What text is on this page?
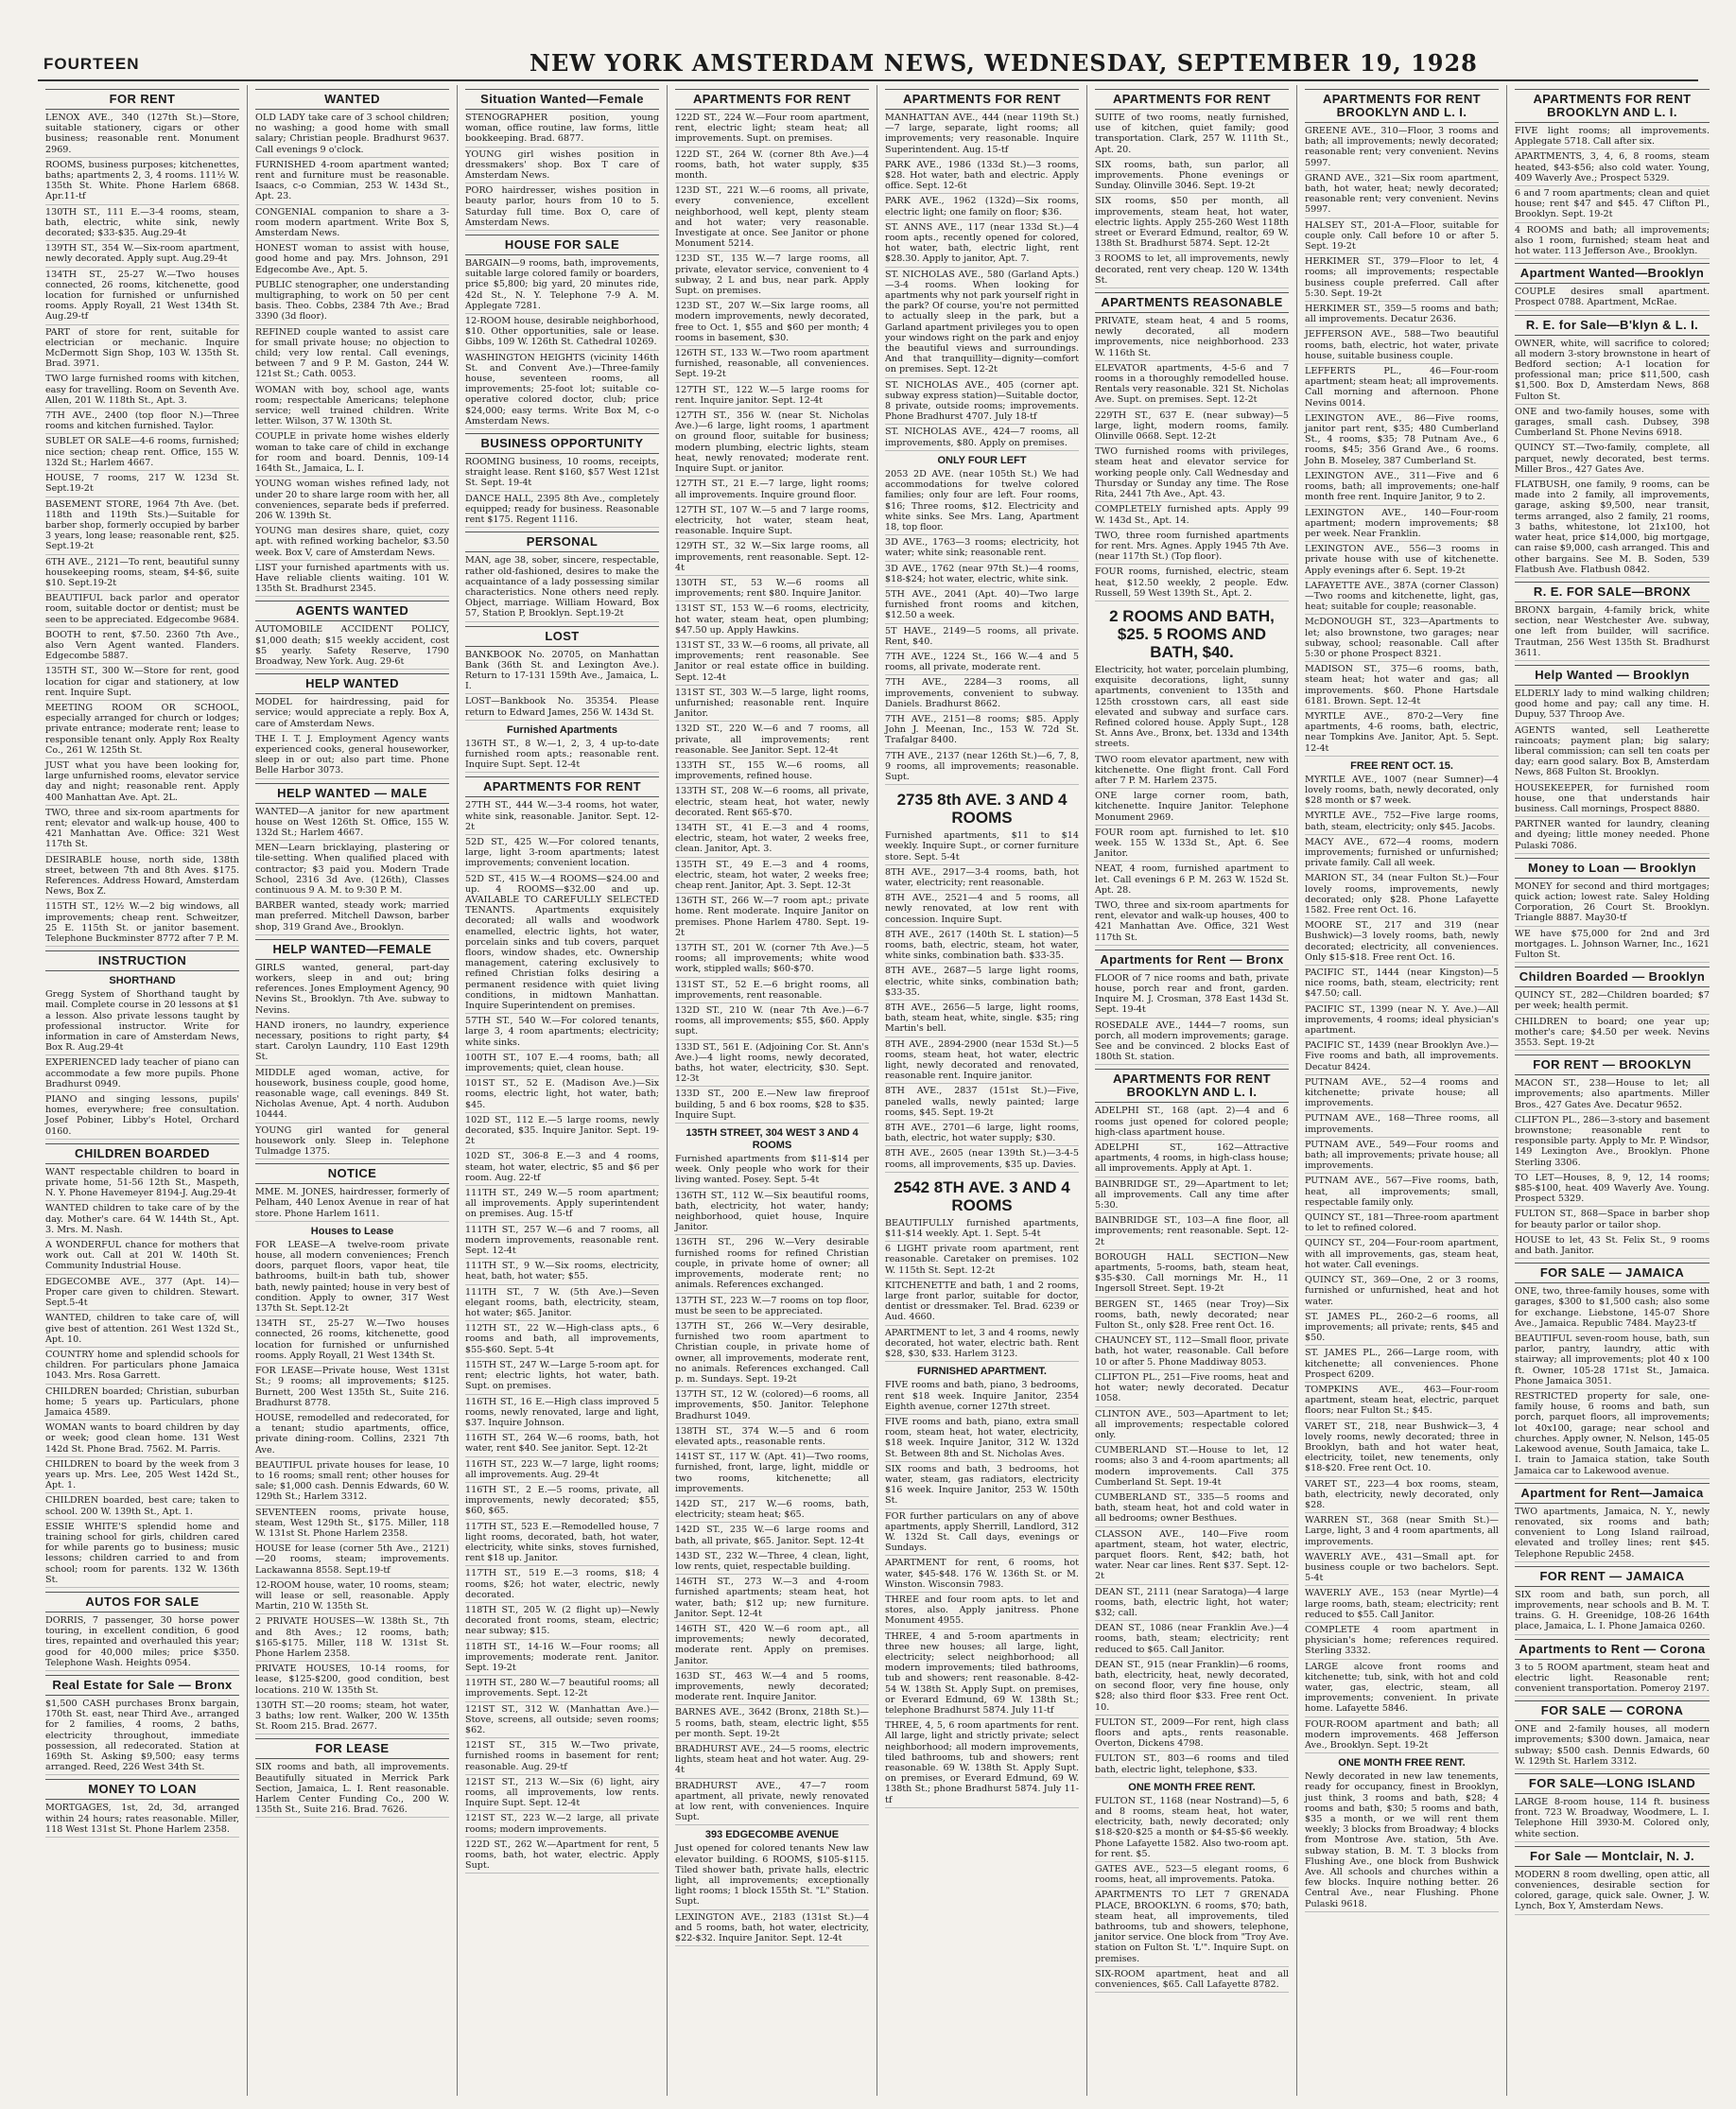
FOURTEEN	NEW YORK AMSTERDAM NEWS, WEDNESDAY, SEPTEMBER 19, 1928
FOR RENT
LENOX AVE., 340 (127th St.)—Store, suitable stationery, cigars or other business; reasonable rent. Monument 2969.
ROOMS, business purposes; kitchenettes, baths; apartments 2, 3, 4 rooms. 111½ W. 135th St. White. Phone Harlem 6868. Apr.11-tf
130TH ST., 111 E.—3-4 rooms, steam, bath, electric, white sink, newly decorated; $33-$35. Aug.29-4t
139TH ST., 354 W.—Six-room apartment, newly decorated. Apply supt. Aug.29-4t
134TH ST., 25-27 W.—Two houses connected, 26 rooms, kitchenette, good location for furnished or unfurnished rooms. Apply Royall, 21 West 134th St. Aug.29-tf
PART of store for rent, suitable for electrician or mechanic. Inquire McDermott Sign Shop, 103 W. 135th St. Brad. 3971.
TWO large furnished rooms with kitchen, easy for travelling. Room on Seventh Ave. Allen, 201 W. 118th St., Apt. 3.
7TH AVE., 2400 (top floor N.)—Three rooms and kitchen furnished. Taylor.
SUBLET OR SALE—4-6 rooms, furnished; nice section; cheap rent. Office, 155 W. 132d St.; Harlem 4667.
HOUSE, 7 rooms, 217 W. 123d St. Sept.19-2t
BASEMENT STORE, 1964 7th Ave. (bet. 118th and 119th Sts.)—Suitable for barber shop, formerly occupied by barber 3 years, long lease; reasonable rent, $25. Sept.19-2t
6TH AVE., 2121—To rent, beautiful sunny housekeeping rooms, steam, $4-$6, suite $10. Sept.19-2t
BEAUTIFUL back parlor and operator room, suitable doctor or dentist; must be seen to be appreciated. Edgecombe 9684.
BOOTH to rent, $7.50. 2360 7th Ave., also Vern Agent wanted. Flanders. Edgecombe 5887.
135TH ST., 300 W.—Store for rent, good location for cigar and stationery, at low rent. Inquire Supt.
MEETING ROOM OR SCHOOL, especially arranged for church or lodges; private entrance; moderate rent; lease to responsible tenant only. Apply Rox Realty Co., 261 W. 125th St.
JUST what you have been looking for, large unfurnished rooms, elevator service day and night; reasonable rent. Apply 400 Manhattan Ave. Apt. 2L.
TWO, three and six-room apartments for rent; elevator and walk-up house, 400 to 421 Manhattan Ave. Office: 321 West 117th St.
DESIRABLE house, north side, 138th street, between 7th and 8th Aves. $175. References. Address Howard, Amsterdam News, Box Z.
115TH ST., 12½ W.—2 big windows, all improvements; cheap rent. Schweitzer, 25 E. 115th St. or janitor basement. Telephone Buckminster 8772 after 7 P. M.
INSTRUCTION
SHORTHAND
Gregg System of Shorthand taught by mail. Complete course in 20 lessons at $1 a lesson. Also private lessons taught by professional instructor. Write for information in care of Amsterdam News, Box R. Aug.29-4t
EXPERIENCED lady teacher of piano can accommodate a few more pupils. Phone Bradhurst 0949.
PIANO and singing lessons, pupils' homes, everywhere; free consultation. Josef Pobiner, Libby's Hotel, Orchard 0160.
CHILDREN BOARDED
WANT respectable children to board in private home, 51-56 12th St., Maspeth, N. Y. Phone Havemeyer 8194-J. Aug.29-4t
WANTED children to take care of by the day. Mother's care. 64 W. 144th St., Apt. 3. Mrs. M. Nash.
A WONDERFUL chance for mothers that work out. Call at 201 W. 140th St. Community Industrial House.
EDGECOMBE AVE., 377 (Apt. 14)—Proper care given to children. Stewart. Sept.5-4t
WANTED, children to take care of, will give best of attention. 261 West 132d St., Apt. 10.
COUNTRY home and splendid schools for children. For particulars phone Jamaica 1043. Mrs. Rosa Garrett.
CHILDREN boarded; Christian, suburban home; 5 years up. Particulars, phone Jamaica 4589.
WOMAN wants to board children by day or week; good clean home. 131 West 142d St. Phone Brad. 7562. M. Parris.
CHILDREN to board by the week from 3 years up. Mrs. Lee, 205 West 142d St., Apt. 1.
CHILDREN boarded, best care; taken to school. 200 W. 139th St., Apt. 1.
ESSIE WHITE'S splendid home and training school for girls, children cared for while parents go to business; music lessons; children carried to and from school; room for parents. 132 W. 136th St.
AUTOS FOR SALE
DORRIS, 7 passenger, 30 horse power touring, in excellent condition, 6 good tires, repainted and overhauled this year; good for 40,000 miles; price $350. Telephone Wash. Heights 0954.
Real Estate for Sale — Bronx
$1,500 CASH purchases Bronx bargain, 170th St. east, near Third Ave., arranged for 2 families, 4 rooms, 2 baths, electricity throughout, immediate possession, all redecorated. Station at 169th St. Asking $9,500; easy terms arranged. Reed, 226 West 34th St.
MONEY TO LOAN
MORTGAGES, 1st, 2d, 3d, arranged within 24 hours; rates reasonable. Miller, 118 West 131st St. Phone Harlem 2358.
WANTED
OLD LADY take care of 3 school children; no washing; a good home with small salary; Christian people. Bradhurst 9637. Call evenings 9 o'clock.
FURNISHED 4-room apartment wanted; rent and furniture must be reasonable. Isaacs, c-o Commian, 253 W. 143d St., Apt. 23.
CONGENIAL companion to share a 3-room modern apartment. Write Box S, Amsterdam News.
HONEST woman to assist with house, good home and pay. Mrs. Johnson, 291 Edgecombe Ave., Apt. 5.
PUBLIC stenographer, one understanding multigraphing, to work on 50 per cent basis. Theo. Cobbs, 2384 7th Ave.; Brad 3390 (3d floor).
REFINED couple wanted to assist care for small private house; no objection to child; very low rental. Call evenings, between 7 and 9 P. M. Gaston, 244 W. 121st St.; Cath. 0053.
WOMAN with boy, school age, wants room; respectable Americans; telephone service; well trained children. Write letter. Wilson, 37 W. 130th St.
COUPLE in private home wishes elderly woman to take care of child in exchange for room and board. Dennis, 109-14 164th St., Jamaica, L. I.
YOUNG woman wishes refined lady, not under 20 to share large room with her, all conveniences, separate beds if preferred. 206 W. 139th St.
YOUNG man desires share, quiet, cozy apt. with refined working bachelor, $3.50 week. Box V, care of Amsterdam News.
LIST your furnished apartments with us. Have reliable clients waiting. 101 W. 135th St. Bradhurst 2345.
AGENTS WANTED
AUTOMOBILE ACCIDENT POLICY, $1,000 death; $15 weekly accident, cost $5 yearly. Safety Reserve, 1790 Broadway, New York. Aug. 29-6t
HELP WANTED
MODEL for hairdressing, paid for service; would appreciate a reply. Box A, care of Amsterdam News.
THE I. T. J. Employment Agency wants experienced cooks, general houseworker, sleep in or out; also part time. Phone Belle Harbor 3073.
HELP WANTED — MALE
WANTED—A janitor for new apartment house on West 126th St. Office, 155 W. 132d St.; Harlem 4667.
MEN—Learn bricklaying, plastering or tile-setting. When qualified placed with contractor; $3 paid you. Modern Trade School, 2316 3d Ave. (126th), Classes continuous 9 A. M. to 9:30 P. M.
BARBER wanted, steady work; married man preferred. Mitchell Dawson, barber shop, 319 Grand Ave., Brooklyn.
HELP WANTED—FEMALE
GIRLS wanted, general, part-day workers, sleep in and out; bring references. Jones Employment Agency, 90 Nevins St., Brooklyn. 7th Ave. subway to Nevins.
HAND ironers, no laundry, experience necessary, positions to right party, $4 start. Carolyn Laundry, 110 East 129th St.
MIDDLE aged woman, active, for housework, business couple, good home, reasonable wage, call evenings. 849 St. Nicholas Avenue, Apt. 4 north. Audubon 10444.
YOUNG girl wanted for general housework only. Sleep in. Telephone Tulmadge 1375.
NOTICE
MME. M. JONES, hairdresser, formerly of Pelham, 440 Lenox Avenue in rear of hat store. Phone Harlem 1611.
Houses to Lease
FOR LEASE—A twelve-room private house, all modern conveniences; French doors, parquet floors, vapor heat, tile bathrooms, built-in bath tub, shower bath, newly painted; house in very best of condition. Apply to owner, 317 West 137th St. Sept.12-2t
134TH ST., 25-27 W.—Two houses connected, 26 rooms, kitchenette, good location for furnished or unfurnished rooms. Apply Royall, 21 West 134th St.
FOR LEASE—Private house, West 131st St.; 9 rooms; all improvements; $125. Burnett, 200 West 135th St., Suite 216. Bradhurst 8778.
HOUSE, remodelled and redecorated, for a tenant; studio apartments, office, private dining-room. Collins, 2321 7th Ave.
BEAUTIFUL private houses for lease, 10 to 16 rooms; small rent; other houses for sale; $1,000 cash. Dennis Edwards, 60 W. 129th St.; Harlem 3312.
SEVENTEEN rooms, private house, steam, West 129th St., $175. Miller, 118 W. 131st St. Phone Harlem 2358.
HOUSE for lease (corner 5th Ave., 2121)—20 rooms, steam; improvements. Lackawanna 8558. Sept.19-tf
12-ROOM house, water, 10 rooms, steam; will lease or sell, reasonable. Apply Martin, 210 W. 135th St.
2 PRIVATE HOUSES—W. 138th St., 7th and 8th Aves.; 12 rooms, bath; $165-$175. Miller, 118 W. 131st St. Phone Harlem 2358.
PRIVATE HOUSES, 10-14 rooms, for lease, $125-$200, good condition, best locations. 210 W. 135th St.
130TH ST.—20 rooms; steam, hot water, 3 baths; low rent. Walker, 200 W. 135th St. Room 215. Brad. 2677.
FOR LEASE
SIX rooms and bath, all improvements. Beautifully situated in Merrick Park Section, Jamaica, L. I. Rent reasonable. Harlem Center Funding Co., 200 W. 135th St., Suite 216. Brad. 7626.
Situation Wanted—Female
STENOGRAPHER position, young woman, office routine, law forms, little bookkeeping. Brad. 6877.
YOUNG girl wishes position in dressmakers' shop. Box T care of Amsterdam News.
PORO hairdresser, wishes position in beauty parlor, hours from 10 to 5. Saturday full time. Box O, care of Amsterdam News.
HOUSE FOR SALE
BARGAIN—9 rooms, bath, improvements, suitable large colored family or boarders, price $5,800; big yard, 20 minutes ride, 42d St., N. Y. Telephone 7-9 A. M. Applegate 7281.
12-ROOM house, desirable neighborhood, $10. Other opportunities, sale or lease. Gibbs, 109 W. 126th St. Cathedral 10269.
WASHINGTON HEIGHTS (vicinity 146th St. and Convent Ave.)—Three-family house, seventeen rooms, all improvements; 25-foot lot; suitable co-operative colored doctor, club; price $24,000; easy terms. Write Box M, c-o Amsterdam News.
BUSINESS OPPORTUNITY
ROOMING business, 10 rooms, receipts, straight lease. Rent $160, $57 West 121st St. Sept. 19-4t
DANCE HALL, 2395 8th Ave., completely equipped; ready for business. Reasonable rent $175. Regent 1116.
PERSONAL
MAN, age 38, sober, sincere, respectable, rather old-fashioned, desires to make the acquaintance of a lady possessing similar characteristics. None others need reply. Object, marriage. William Howard, Box 57, Station P, Brooklyn. Sept.19-2t
LOST
BANKBOOK No. 20705, on Manhattan Bank (36th St. and Lexington Ave.). Return to 17-131 159th Ave., Jamaica, L. I.
LOST—Bankbook No. 35354. Please return to Edward James, 256 W. 143d St.
Furnished Apartments
136TH ST., 8 W.—1, 2, 3, 4 up-to-date furnished room apts.; reasonable rent. Inquire Supt. Sept. 12-4t
APARTMENTS FOR RENT
27TH ST., 444 W.—3-4 rooms, hot water, white sink, reasonable. Janitor. Sept. 12-2t
52D ST., 425 W.—For colored tenants, large, light 3-room apartments; latest improvements; convenient location.
52D ST., 415 W.—4 ROOMS—$24.00 and up. 4 ROOMS—$32.00 and up. AVAILABLE TO CAREFULLY SELECTED TENANTS. Apartments exquisitely decorated; all walls and woodwork enamelled, electric lights, hot water, porcelain sinks and tub covers, parquet floors, window shades, etc. Ownership management, catering exclusively to refined Christian folks desiring a permanent residence with quiet living conditions, in midtown Manhattan. Inquire Superintendent on premises.
57TH ST., 540 W.—For colored tenants, large 3, 4 room apartments; electricity; white sinks.
100TH ST., 107 E.—4 rooms, bath; all improvements; quiet, clean house.
101ST ST., 52 E. (Madison Ave.)—Six rooms, electric light, hot water, bath; $45.
102D ST., 112 E.—5 large rooms, newly decorated, $35. Inquire Janitor. Sept. 19-2t
102D ST., 306-8 E.—3 and 4 rooms, steam, hot water, electric, $5 and $6 per room. Aug. 22-tf
111TH ST., 249 W.—5 room apartment; all improvements. Apply superintendent on premises. Aug. 15-tf
111TH ST., 257 W.—6 and 7 rooms, all modern improvements, reasonable rent. Sept. 12-4t
111TH ST., 9 W.—Six rooms, electricity, heat, bath, hot water; $55.
111TH ST., 7 W. (5th Ave.)—Seven elegant rooms, bath, electricity, steam, hot water; $65. Janitor.
112TH ST., 22 W.—High-class apts., 6 rooms and bath, all improvements, $55-$60. Sept. 5-4t
115TH ST., 247 W.—Large 5-room apt. for rent; electric lights, hot water, bath. Supt. on premises.
116TH ST., 16 E.—High class improved 5 rooms, newly renovated, large and light, $37. Inquire Johnson.
116TH ST., 264 W.—6 rooms, bath, hot water, rent $40. See janitor. Sept. 12-2t
116TH ST., 223 W.—7 large, light rooms; all improvements. Aug. 29-4t
116TH ST., 2 E.—5 rooms, private, all improvements, newly decorated; $55, $60, $65.
117TH ST., 523 E.—Remodelled house, 7 light rooms, decorated, bath, hot water, electricity, white sinks, stoves furnished, rent $18 up. Janitor.
117TH ST., 519 E.—3 rooms, $18; 4 rooms, $26; hot water, electric, newly decorated.
118TH ST., 205 W. (2 flight up)—Newly decorated front rooms, steam, electric; near subway; $15.
118TH ST., 14-16 W.—Four rooms; all improvements; moderate rent. Janitor. Sept. 19-2t
119TH ST., 280 W.—7 beautiful rooms; all improvements. Sept. 12-2t
121ST ST., 312 W. (Manhattan Ave.)—Stove, screens, all outside; seven rooms; $62.
121ST ST., 315 W.—Two private, furnished rooms in basement for rent; reasonable. Aug. 29-tf
121ST ST., 213 W.—Six (6) light, airy rooms, all improvements, low rents. Inquire Supt. Sept. 12-4t
121ST ST., 223 W.—2 large, all private rooms; modern improvements.
122D ST., 262 W.—Apartment for rent, 5 rooms, bath, hot water, electric. Apply Supt.
APARTMENTS FOR RENT
122D ST., 224 W.—Four room apartment, rent, electric light; steam heat; all improvements. Supt. on premises.
122D ST., 264 W. (corner 8th Ave.)—4 rooms, bath, hot water supply, $35 month.
123D ST., 221 W.—6 rooms, all private, every convenience, excellent neighborhood, well kept, plenty steam and hot water; very reasonable. Investigate at once. See Janitor or phone Monument 5214.
123D ST., 135 W.—7 large rooms, all private, elevator service, convenient to 4 subway, 2 L and bus, near park. Apply Supt. on premises.
123D ST., 207 W.—Six large rooms, all modern improvements, newly decorated, free to Oct. 1, $55 and $60 per month; 4 rooms in basement, $30.
126TH ST., 133 W.—Two room apartment furnished, reasonable, all conveniences. Sept. 19-2t
127TH ST., 122 W.—5 large rooms for rent. Inquire janitor. Sept. 12-4t
127TH ST., 356 W. (near St. Nicholas Ave.)—6 large, light rooms, 1 apartment on ground floor, suitable for business; modern plumbing, electric lights, steam heat, newly renovated; moderate rent. Inquire Supt. or janitor.
127TH ST., 21 E.—7 large, light rooms; all improvements. Inquire ground floor.
127TH ST., 107 W.—5 and 7 large rooms, electricity, hot water, steam heat, reasonable. Inquire Supt.
129TH ST., 32 W.—Six large rooms, all improvements, rent reasonable. Sept. 12-4t
130TH ST., 53 W.—6 rooms all improvements; rent $80. Inquire Janitor.
131ST ST., 153 W.—6 rooms, electricity, hot water, steam heat, open plumbing; $47.50 up. Apply Hawkins.
131ST ST., 33 W.—6 rooms, all private, all improvements; rent reasonable. See Janitor or real estate office in building. Sept. 12-4t
131ST ST., 303 W.—5 large, light rooms, unfurnished; reasonable rent. Inquire Janitor.
132D ST., 220 W.—6 and 7 rooms, all private, all improvements; rent reasonable. See Janitor. Sept. 12-4t
133TH ST., 155 W.—6 rooms, all improvements, refined house.
133TH ST., 208 W.—6 rooms, all private, electric, steam heat, hot water, newly decorated. Rent $65-$70.
134TH ST., 41 E.—3 and 4 rooms, electric, steam, hot water, 2 weeks free, clean. Janitor, Apt. 3.
135TH ST., 49 E.—3 and 4 rooms, electric, steam, hot water, 2 weeks free; cheap rent. Janitor, Apt. 3. Sept. 12-3t
136TH ST., 266 W.—7 room apt.; private home. Rent moderate. Inquire Janitor on premises. Phone Harlem 4780. Sept. 19-2t
137TH ST., 201 W. (corner 7th Ave.)—5 rooms; all improvements; white wood work, stippled walls; $60-$70.
131ST ST., 52 E.—6 bright rooms, all improvements, rent reasonable.
132D ST., 210 W. (near 7th Ave.)—6-7 rooms, all improvements; $55, $60. Apply supt.
133D ST., 561 E. (Adjoining Cor. St. Ann's Ave.)—4 light rooms, newly decorated, baths, hot water, electricity, $30. Sept. 12-3t
133D ST., 200 E.—New law fireproof building, 5 and 6 box rooms, $28 to $35. Inquire Supt.
135TH STREET, 304 WEST 3 AND 4 ROOMS
Furnished apartments from $11-$14 per week. Only people who work for their living wanted. Posey. Sept. 5-4t
136TH ST., 112 W.—Six beautiful rooms, bath, electricity, hot water, handy; neighborhood, quiet house, Inquire Janitor.
136TH ST., 296 W.—Very desirable furnished rooms for refined Christian couple, in private home of owner; all improvements, moderate rent; no animals. References exchanged.
137TH ST., 223 W.—7 rooms on top floor, must be seen to be appreciated.
137TH ST., 266 W.—Very desirable, furnished two room apartment to Christian couple, in private home of owner, all improvements, moderate rent, no animals. References exchanged. Call p. m. Sundays. Sept. 19-2t
137TH ST., 12 W. (colored)—6 rooms, all improvements, $50. Janitor. Telephone Bradhurst 1049.
138TH ST., 374 W.—5 and 6 room elevated apts., reasonable rents.
141ST ST., 117 W. (Apt. 41)—Two rooms, furnished, front, large, light, middle or two rooms, kitchenette; all improvements.
142D ST., 217 W.—6 rooms, bath, electricity; steam heat; $65.
142D ST., 235 W.—6 large rooms and bath, all private, $65. Janitor. Sept. 12-4t
143D ST., 232 W.—Three, 4 clean, light, low rents, quiet, respectable building.
146TH ST., 273 W.—3 and 4-room furnished apartments; steam heat, hot water, bath; $12 up; new furniture. Janitor. Sept. 12-4t
146TH ST., 420 W.—6 room apt., all improvements; newly decorated, moderate rent. Apply on premises. Janitor.
163D ST., 463 W.—4 and 5 rooms, improvements, newly decorated; moderate rent. Inquire Janitor.
BARNES AVE., 3642 (Bronx, 218th St.)—5 rooms, bath, steam, electric light, $55 per month. Sept. 19-2t
BRADHURST AVE., 24—5 rooms, electric lights, steam heat and hot water. Aug. 29-4t
BRADHURST AVE., 47—7 room apartment, all private, newly renovated at low rent, with conveniences. Inquire Supt.
393 EDGECOMBE AVENUE
Just opened for colored tenants New law elevator building. 6 ROOMS, $105-$115. Tiled shower bath, private halls, electric light, all improvements; exceptionally light rooms; 1 block 155th St. "L" Station. Supt.
LEXINGTON AVE., 2183 (131st St.)—4 and 5 rooms, bath, hot water, electricity, $22-$32. Inquire Janitor. Sept. 12-4t
APARTMENTS FOR RENT
MANHATTAN AVE., 444 (near 119th St.)—7 large, separate, light rooms; all improvements; very reasonable. Inquire Superintendent. Aug. 15-tf
PARK AVE., 1986 (133d St.)—3 rooms, $28. Hot water, bath and electric. Apply office. Sept. 12-6t
PARK AVE., 1962 (132d)—Six rooms, electric light; one family on floor; $36.
ST. ANNS AVE., 117 (near 133d St.)—4 room apts., recently opened for colored, hot water, bath, electric light, rent $28.30. Apply to janitor, Apt. 7.
ST. NICHOLAS AVE., 580 (Garland Apts.)—3-4 rooms. When looking for apartments why not park yourself right in the park? Of course, you're not permitted to actually sleep in the park, but a Garland apartment privileges you to open your windows right on the park and enjoy the beautiful views and surroundings. And that tranquillity—dignity—comfort on premises. Sept. 12-2t
ST. NICHOLAS AVE., 405 (corner apt. subway express station)—Suitable doctor, 8 private, outside rooms; improvements. Phone Bradhurst 4707. July 18-tf
ST. NICHOLAS AVE., 424—7 rooms, all improvements, $80. Apply on premises.
ONLY FOUR LEFT
2053 2D AVE. (near 105th St.) We had accommodations for twelve colored families; only four are left. Four rooms, $16; Three rooms, $12. Electricity and white sinks. See Mrs. Lang, Apartment 18, top floor.
3D AVE., 1763—3 rooms; electricity, hot water; white sink; reasonable rent.
3D AVE., 1762 (near 97th St.)—4 rooms, $18-$24; hot water, electric, white sink.
5TH AVE., 2041 (Apt. 40)—Two large furnished front rooms and kitchen, $12.50 a week.
5T HAVE., 2149—5 rooms, all private. Rent, $40.
7TH AVE., 1224 St., 166 W.—4 and 5 rooms, all private, moderate rent.
7TH AVE., 2284—3 rooms, all improvements, convenient to subway. Daniels. Bradhurst 8662.
7TH AVE., 2151—8 rooms; $85. Apply John J. Meenan, Inc., 153 W. 72d St. Trafalgar 8400.
7TH AVE., 2137 (near 126th St.)—6, 7, 8, 9 rooms, all improvements; reasonable. Supt.
2735 8th AVE. 3 AND 4 ROOMS
Furnished apartments, $11 to $14 weekly. Inquire Supt., or corner furniture store. Sept. 5-4t
8TH AVE., 2917—3-4 rooms, bath, hot water, electricity; rent reasonable.
8TH AVE., 2521—4 and 5 rooms, all newly renovated, at low rent with concession. Inquire Supt.
8TH AVE., 2617 (140th St. L station)—5 rooms, bath, electric, steam, hot water, white sinks, combination bath. $33-35.
8TH AVE., 2687—5 large light rooms, electric, white sinks, combination bath; $33-35.
8TH AVE., 2656—5 large, light rooms, bath, steam heat, white, single. $35; ring Martin's bell.
8TH AVE., 2894-2900 (near 153d St.)—5 rooms, steam heat, hot water, electric light, newly decorated and renovated, reasonable rent. Inquire janitor.
8TH AVE., 2837 (151st St.)—Five, paneled walls, newly painted; large rooms, $45. Sept. 19-2t
8TH AVE., 2701—6 large, light rooms, bath, electric, hot water supply; $30.
8TH AVE., 2605 (near 139th St.)—3-4-5 rooms, all improvements, $35 up. Davies.
2542 8TH AVE. 3 AND 4 ROOMS
BEAUTIFULLY furnished apartments, $11-$14 weekly. Apt. 1. Sept. 5-4t
6 LIGHT private room apartment, rent reasonable. Caretaker on premises. 102 W. 115th St. Sept. 12-2t
KITCHENETTE and bath, 1 and 2 rooms, large front parlor, suitable for doctor, dentist or dressmaker. Tel. Brad. 6239 or Aud. 4660.
APARTMENT to let, 3 and 4 rooms, newly decorated, hot water, electric bath. Rent $28, $30, $33. Harlem 3123.
FURNISHED APARTMENT.
FIVE rooms and bath, piano, 3 bedrooms, rent $18 week. Inquire Janitor, 2354 Eighth avenue, corner 127th street.
FIVE rooms and bath, piano, extra small room, steam heat, hot water, electricity, $18 week. Inquire Janitor, 312 W. 132d St. Between 8th and St. Nicholas Aves.
SIX rooms and bath, 3 bedrooms, hot water, steam, gas radiators, electricity $16 week. Inquire Janitor, 253 W. 150th St.
FOR further particulars on any of above apartments, apply Sherrill, Landlord, 312 W. 132d St. Call days, evenings or Sundays.
APARTMENT for rent, 6 rooms, hot water, $45-$48. 176 W. 136th St. or M. Winston. Wisconsin 7983.
THREE and four room apts. to let and stores, also. Apply janitress. Phone Monument 4955.
THREE, 4 and 5-room apartments in three new houses; all large, light, electricity; select neighborhood; all modern improvements; tiled bathrooms, tub and showers; rent reasonable. 8-42-54 W. 138th St. Apply Supt. on premises, or Everard Edmund, 69 W. 138th St.; telephone Bradhurst 5874. July 11-tf
THREE, 4, 5, 6 room apartments for rent. All large, light and strictly private; select neighborhood; all modern improvements, tiled bathrooms, tub and showers; rent reasonable. 69 W. 138th St. Apply Supt. on premises, or Everard Edmund, 69 W. 138th St.; phone Bradhurst 5874. July 11-tf
APARTMENTS FOR RENT
SUITE of two rooms, neatly furnished, use of kitchen, quiet family; good transportation. Clark, 257 W. 111th St., Apt. 20.
SIX rooms, bath, sun parlor, all improvements. Phone evenings or Sunday. Olinville 3046. Sept. 19-2t
SIX rooms, $50 per month, all improvements, steam heat, hot water, electric lights. Apply 255-260 West 118th street or Everard Edmund, realtor, 69 W. 138th St. Bradhurst 5874. Sept. 12-2t
3 ROOMS to let, all improvements, newly decorated, rent very cheap. 120 W. 134th St.
APARTMENTS REASONABLE
PRIVATE, steam heat, 4 and 5 rooms, newly decorated, all modern improvements, nice neighborhood. 233 W. 116th St.
ELEVATOR apartments, 4-5-6 and 7 rooms in a thoroughly remodelled house. Rentals very reasonable. 321 St. Nicholas Ave. Supt. on premises. Sept. 12-2t
229TH ST., 637 E. (near subway)—5 large, light, modern rooms, family. Olinville 0668. Sept. 12-2t
TWO furnished rooms with privileges, steam heat and elevator service for working people only. Call Wednesday and Thursday or Sunday any time. The Rose Rita, 2441 7th Ave., Apt. 43.
COMPLETELY furnished apts. Apply 99 W. 143d St., Apt. 14.
TWO, three room furnished apartments for rent. Mrs. Agnes. Apply 1945 7th Ave. (near 117th St.) (Top floor).
FOUR rooms, furnished, electric, steam heat, $12.50 weekly, 2 people. Edw. Russell, 59 West 139th St., Apt. 2.
2 ROOMS AND BATH, $25. 5 ROOMS AND BATH, $40.
Electricity, hot water, porcelain plumbing, exquisite decorations, light, sunny apartments, convenient to 135th and 125th crosstown cars, all east side elevated and subway and surface cars. Refined colored house. Apply Supt., 128 St. Anns Ave., Bronx, bet. 133d and 134th streets.
TWO room elevator apartment, new with kitchenette. One flight front. Call Ford after 7 P. M. Harlem 2375.
ONE large corner room, bath, kitchenette. Inquire Janitor. Telephone Monument 2969.
FOUR room apt. furnished to let. $10 week. 155 W. 133d St., Apt. 6. See Janitor.
NEAT, 4 room, furnished apartment to let. Call evenings 6 P. M. 263 W. 152d St. Apt. 28.
TWO, three and six-room apartments for rent, elevator and walk-up houses, 400 to 421 Manhattan Ave. Office, 321 West 117th St.
Apartments for Rent — Bronx
FLOOR of 7 nice rooms and bath, private house, porch rear and front, garden. Inquire M. J. Crosman, 378 East 143d St. Sept. 19-4t
ROSEDALE AVE., 1444—7 rooms, sun porch, all modern improvements; garage. See and be convinced. 2 blocks East of 180th St. station.
APARTMENTS FOR RENT BROOKLYN AND L. I.
ADELPHI ST., 168 (apt. 2)—4 and 6 rooms just opened for colored people; high-class apartment house.
ADELPHI ST., 162—Attractive apartments, 4 rooms, in high-class house; all improvements. Apply at Apt. 1.
BAINBRIDGE ST., 29—Apartment to let; all improvements. Call any time after 5:30.
BAINBRIDGE ST., 103—A fine floor, all improvements; rent reasonable. Sept. 12-2t
BOROUGH HALL SECTION—New apartments, 5-rooms, bath, steam heat, $35-$30. Call mornings Mr. H., 11 Ingersoll Street. Sept. 19-2t
BERGEN ST., 1465 (near Troy)—Six rooms, bath, newly decorated; near Fulton St., only $28. Free rent Oct. 16.
CHAUNCEY ST., 112—Small floor, private bath, hot water, reasonable. Call before 10 or after 5. Phone Maddiway 8053.
CLIFTON PL., 251—Five rooms, heat and hot water; newly decorated. Decatur 1058.
CLINTON AVE., 503—Apartment to let; all improvements; respectable colored only.
CUMBERLAND ST.—House to let, 12 rooms; also 3 and 4-room apartments; all modern improvements. Call 375 Cumberland St. Sept. 19-4t
CUMBERLAND ST., 335—5 rooms and bath, steam heat, hot and cold water in all bedrooms; owner Besthues.
CLASSON AVE., 140—Five room apartment, steam, hot water, electric, parquet floors. Rent, $42; bath, hot water. Near car lines. Rent $37. Sept. 12-2t
DEAN ST., 2111 (near Saratoga)—4 large rooms, bath, electric light, hot water; $32; call.
DEAN ST., 1086 (near Franklin Ave.)—4 rooms, bath, steam; electricity; rent reduced to $65. Call Janitor.
DEAN ST., 915 (near Franklin)—6 rooms, bath, electricity, heat, newly decorated, on second floor, very fine house, only $28; also third floor $33. Free rent Oct. 10.
FULTON ST., 2009—For rent, high class floors and apts., rents reasonable. Overton, Dickens 4798.
FULTON ST., 803—6 rooms and tiled bath, electric light, telephone, $33.
ONE MONTH FREE RENT.
FULTON ST., 1168 (near Nostrand)—5, 6 and 8 rooms, steam heat, hot water, electricity, bath, newly decorated; only $18-$20-$25 a month or $4-$5-$6 weekly. Phone Lafayette 1582. Also two-room apt. for rent. $5.
GATES AVE., 523—5 elegant rooms, 6 rooms, heat, all improvements. Patoka.
APARTMENTS TO LET 7 GRENADA PLACE, BROOKLYN. 6 rooms, $70; bath, steam heat, all improvements, tiled bathrooms, tub and showers, telephone, janitor service. One block from "Troy Ave. station on Fulton St. 'L'". Inquire Supt. on premises.
SIX-ROOM apartment, heat and all conveniences, $65. Call Lafayette 8782.
APARTMENTS FOR RENT BROOKLYN AND L. I.
GREENE AVE., 310—Floor, 3 rooms and bath; all improvements; newly decorated; reasonable rent; very convenient. Nevins 5997.
GRAND AVE., 321—Six room apartment, bath, hot water, heat; newly decorated; reasonable rent; very convenient. Nevins 5997.
HALSEY ST., 201-A—Floor, suitable for couple only. Call before 10 or after 5. Sept. 19-2t
HERKIMER ST., 379—Floor to let, 4 rooms; all improvements; respectable business couple preferred. Call after 5:30. Sept. 19-2t
HERKIMER ST., 359—5 rooms and bath; all improvements. Decatur 2636.
JEFFERSON AVE., 588—Two beautiful rooms, bath, electric, hot water, private house, suitable business couple.
LEFFERTS PL., 46—Four-room apartment; steam heat; all improvements. Call morning and afternoon. Phone Nevins 0014.
LEXINGTON AVE., 86—Five rooms, janitor part rent, $35; 480 Cumberland St., 4 rooms, $35; 78 Putnam Ave., 6 rooms, $45; 356 Grand Ave., 6 rooms. John B. Moseley, 387 Cumberland St.
LEXINGTON AVE., 311—Five and 6 rooms, bath; all improvements; one-half month free rent. Inquire Janitor, 9 to 2.
LEXINGTON AVE., 140—Four-room apartment; modern improvements; $8 per week. Near Franklin.
LEXINGTON AVE., 556—3 rooms in private house with use of kitchenette. Apply evenings after 6. Sept. 19-2t
LAFAYETTE AVE., 387A (corner Classon)—Two rooms and kitchenette, light, gas, heat; suitable for couple; reasonable.
McDONOUGH ST., 323—Apartments to let; also brownstone, two garages; near subway, school; reasonable. Call after 5:30 or phone Prospect 8321.
MADISON ST., 375—6 rooms, bath, steam heat; hot water and gas; all improvements. $60. Phone Hartsdale 6181. Brown. Sept. 12-4t
MYRTLE AVE., 870-2—Very fine apartments, 4-6 rooms, bath, electric, near Tompkins Ave. Janitor, Apt. 5. Sept. 12-4t
FREE RENT OCT. 15.
MYRTLE AVE., 1007 (near Sumner)—4 lovely rooms, bath, newly decorated, only $28 month or $7 week.
MYRTLE AVE., 752—Five large rooms, bath, steam, electricity; only $45. Jacobs.
MACY AVE., 672—4 rooms, modern improvements; furnished or unfurnished; private family. Call all week.
MARION ST., 34 (near Fulton St.)—Four lovely rooms, improvements, newly decorated; only $28. Phone Lafayette 1582. Free rent Oct. 16.
MOORE ST., 217 and 319 (near Bushwick)—3 lovely rooms, bath, newly decorated; electricity, all conveniences. Only $15-$18. Free rent Oct. 16.
PACIFIC ST., 1444 (near Kingston)—5 nice rooms, bath, steam, electricity; rent $47.50; call.
PACIFIC ST., 1399 (near N. Y. Ave.)—All improvements, 4 rooms; ideal physician's apartment.
PACIFIC ST., 1439 (near Brooklyn Ave.)—Five rooms and bath, all improvements. Decatur 8424.
PUTNAM AVE., 52—4 rooms and kitchenette; private house; all improvements.
PUTNAM AVE., 168—Three rooms, all improvements.
PUTNAM AVE., 549—Four rooms and bath; all improvements; private house; all improvements.
PUTNAM AVE., 567—Five rooms, bath, heat, all improvements; small, respectable family only.
QUINCY ST., 181—Three-room apartment to let to refined colored.
QUINCY ST., 204—Four-room apartment, with all improvements, gas, steam heat, hot water. Call evenings.
QUINCY ST., 369—One, 2 or 3 rooms, furnished or unfurnished, heat and hot water.
ST. JAMES PL., 260-2—6 rooms, all improvements; all private; rents, $45 and $50.
ST. JAMES PL., 266—Large room, with kitchenette; all conveniences. Phone Prospect 6209.
TOMPKINS AVE., 463—Four-room apartment, steam heat, electric, parquet floors; near Fulton St.; $45.
VARET ST., 218, near Bushwick—3, 4 lovely rooms, newly decorated; three in Brooklyn, bath and hot water heat, electricity, toilet, new tenements, only $18-$20. Free rent Oct. 10.
VARET ST., 223—4 box rooms, steam, bath, electricity, newly decorated, only $28.
WARREN ST., 368 (near Smith St.)—Large, light, 3 and 4 room apartments, all improvements.
WAVERLY AVE., 431—Small apt. for business couple or two bachelors. Sept. 5-4t
WAVERLY AVE., 153 (near Myrtle)—4 large rooms, bath, steam; electricity; rent reduced to $55. Call Janitor.
COMPLETE 4 room apartment in physician's home; references required. Sterling 3332.
LARGE alcove front rooms and kitchenette; tub, sink, with hot and cold water, gas, electric, steam, all improvements; convenient. In private home. Lafayette 5846.
FOUR-ROOM apartment and bath; all modern improvements. 468 Jefferson Ave., Brooklyn. Sept. 19-2t
ONE MONTH FREE RENT.
Newly decorated in new law tenements, ready for occupancy, finest in Brooklyn, just think, 3 rooms and bath, $28; 4 rooms and bath, $30; 5 rooms and bath, $35 a month, or we will rent them weekly; 3 blocks from Broadway; 4 blocks from Montrose Ave. station, 5th Ave. subway station, B. M. T. 3 blocks from Flushing Ave., one block from Bushwick Ave. All schools and churches within a few blocks. Inquire nothing better. 26 Central Ave., near Flushing. Phone Pulaski 9618.
APARTMENTS FOR RENT BROOKLYN AND L. I.
FIVE light rooms; all improvements. Applegate 5718. Call after six.
APARTMENTS, 3, 4, 6, 8 rooms, steam heated, $43-$56; also cold water. Young, 409 Waverly Ave.; Prospect 5329.
6 and 7 room apartments; clean and quiet house; rent $47 and $45. 47 Clifton Pl., Brooklyn. Sept. 19-2t
4 ROOMS and bath; all improvements; also 1 room, furnished; steam heat and hot water. 113 Jefferson Ave., Brooklyn.
Apartment Wanted—Brooklyn
COUPLE desires small apartment. Prospect 0788. Apartment, McRae.
R. E. for Sale—B'klyn & L. I.
OWNER, white, will sacrifice to colored; all modern 3-story brownstone in heart of Bedford section; A-1 location for professional man; price $11,500, cash $1,500. Box D, Amsterdam News, 868 Fulton St.
ONE and two-family houses, some with garages, small cash. Dubsey, 398 Cumberland St. Phone Nevins 6918.
QUINCY ST.—Two-family, complete, all parquet, newly decorated, best terms. Miller Bros., 427 Gates Ave.
FLATBUSH, one family, 9 rooms, can be made into 2 family, all improvements, garage, asking $9,500, near transit, terms arranged, also 2 family, 21 rooms, 3 baths, whitestone, lot 21x100, hot water heat, price $14,000, big mortgage, can raise $9,000, cash arranged. This and other bargains. See M. B. Soden, 539 Flatbush Ave. Flatbush 0842.
R. E. FOR SALE—BRONX
BRONX bargain, 4-family brick, white section, near Westchester Ave. subway, one left from builder, will sacrifice. Trautman, 256 West 135th St. Bradhurst 3611.
Help Wanted — Brooklyn
ELDERLY lady to mind walking children; good home and pay; call any time. H. Dupuy, 537 Throop Ave.
AGENTS wanted, sell Leatherette raincoats; payment plan; big salary; liberal commission; can sell ten coats per day; earn good salary. Box B, Amsterdam News, 868 Fulton St. Brooklyn.
HOUSEKEEPER, for furnished room house, one that understands hair business. Call mornings, Prospect 8880.
PARTNER wanted for laundry, cleaning and dyeing; little money needed. Phone Pulaski 7086.
Money to Loan — Brooklyn
MONEY for second and third mortgages; quick action; lowest rate. Saley Holding Corporation, 26 Court St. Brooklyn. Triangle 8887. May30-tf
WE have $75,000 for 2nd and 3rd mortgages. L. Johnson Warner, Inc., 1621 Fulton St.
Children Boarded — Brooklyn
QUINCY ST., 282—Children boarded; $7 per week; health permit.
CHILDREN to board; one year up; mother's care; $4.50 per week. Nevins 3553. Sept. 19-2t
FOR RENT — BROOKLYN
MACON ST., 238—House to let; all improvements; also apartments. Miller Bros., 427 Gates Ave. Decatur 9652.
CLIFTON PL., 286—3-story and basement brownstone; reasonable rent to responsible party. Apply to Mr. P. Windsor, 149 Lexington Ave., Brooklyn. Phone Sterling 3306.
TO LET—Houses, 8, 9, 12, 14 rooms; $85-$100, heat. 409 Waverly Ave. Young. Prospect 5329.
FULTON ST., 868—Space in barber shop for beauty parlor or tailor shop.
HOUSE to let, 43 St. Felix St., 9 rooms and bath. Janitor.
FOR SALE — JAMAICA
ONE, two, three-family houses, some with garages, $300 to $1,500 cash; also some for exchange. Liebstone, 145-07 Shore Ave., Jamaica. Republic 7484. May23-tf
BEAUTIFUL seven-room house, bath, sun parlor, pantry, laundry, attic with stairway; all improvements; plot 40 x 100 ft. Owner, 105-28 171st St., Jamaica. Phone Jamaica 3051.
RESTRICTED property for sale, one-family house, 6 rooms and bath, sun porch, parquet floors, all improvements; lot 40x100, garage; near school and churches. Apply owner, N. Nelson, 145-05 Lakewood avenue, South Jamaica, take L. I. train to Jamaica station, take South Jamaica car to Lakewood avenue.
Apartment for Rent—Jamaica
TWO apartments, Jamaica, N. Y., newly renovated, six rooms and bath; convenient to Long Island railroad, elevated and trolley lines; rent $45. Telephone Republic 2458.
FOR RENT — JAMAICA
SIX room and bath, sun porch, all improvements, near schools and B. M. T. trains. G. H. Greenidge, 108-26 164th place, Jamaica, L. I. Phone Jamaica 0260.
Apartments to Rent — Corona
3 to 5 ROOM apartment, steam heat and electric light. Reasonable rent; convenient transportation. Pomeroy 2197.
FOR SALE — CORONA
ONE and 2-family houses, all modern improvements; $300 down. Jamaica, near subway; $500 cash. Dennis Edwards, 60 W. 129th St. Harlem 3312.
FOR SALE—LONG ISLAND
LARGE 8-room house, 114 ft. business front. 723 W. Broadway, Woodmere, L. I. Telephone Hill 3930-M. Colored only, white section.
For Sale — Montclair, N. J.
MODERN 8 room dwelling, open attic, all conveniences, desirable section for colored, garage, quick sale. Owner, J. W. Lynch, Box Y, Amsterdam News.
